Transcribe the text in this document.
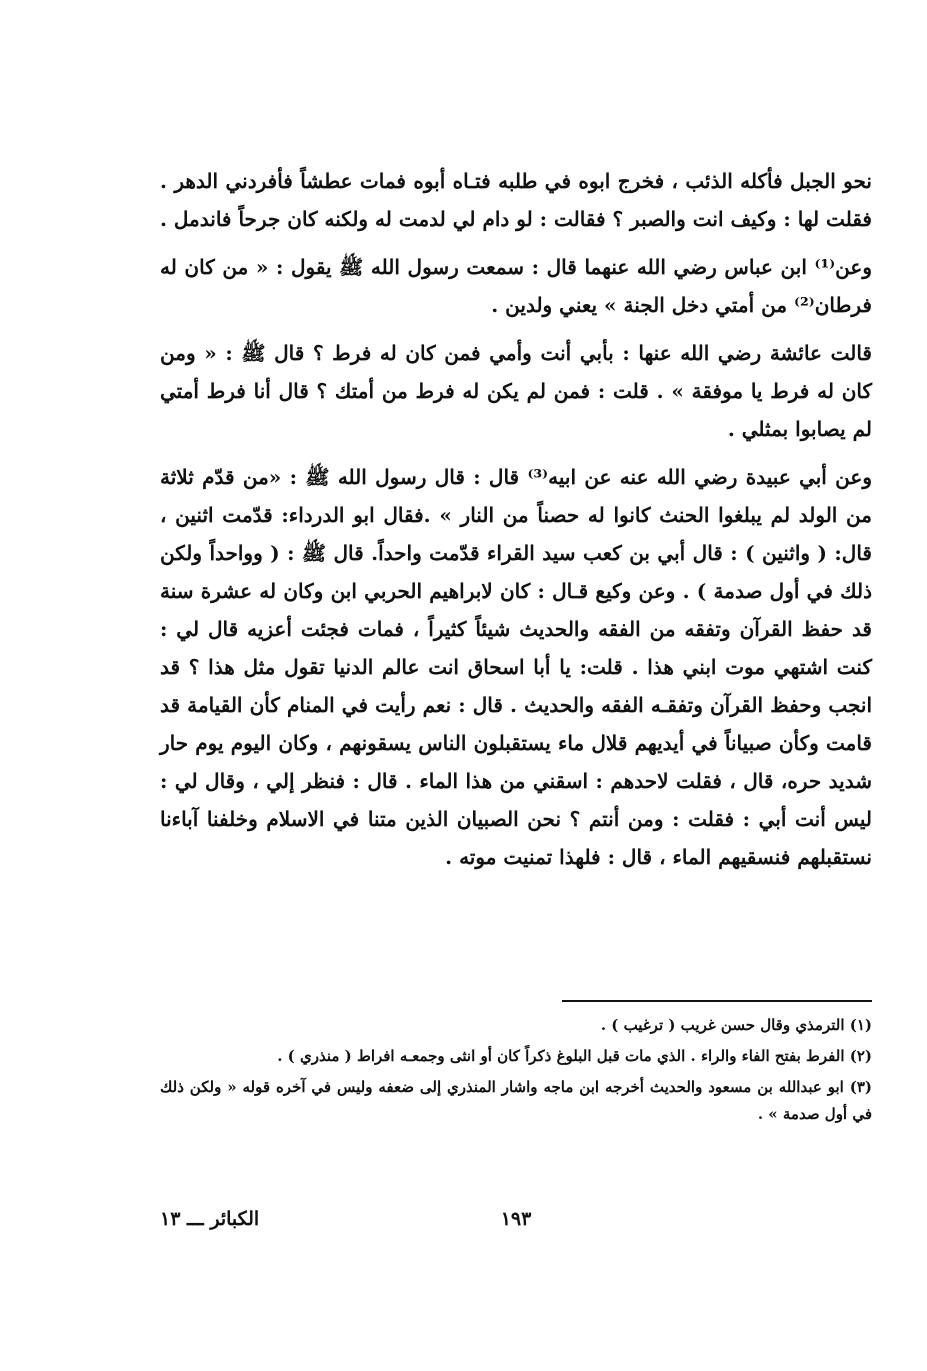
نحو الجبل فأكله الذئب ، فخرج ابوه في طلبه فتـاه أبوه فمات عطشاً فأفردني الدهر . فقلت لها : وكيف انت والصبر ؟ فقالت : لو دام لي لدمت له ولكنه كان جرحاً فاندمل .

وعن⁽¹⁾ ابن عباس رضي الله عنهما قال : سمعت رسول الله ﷺ يقول : « من كان له فرطان⁽²⁾ من أمتي دخل الجنة » يعني ولدين .

قالت عائشة رضي الله عنها : بأبي أنت وأمي فمن كان له فرط ؟ قال ﷺ : « ومن كان له فرط يا موفقة » . قلت : فمن لم يكن له فرط من أمتك ؟ قال أنا فرط أمتي لم يصابوا بمثلي .

وعن أبي عبيدة رضي الله عنه عن ابيه⁽³⁾ قال : قال رسول الله ﷺ : «من قدّم ثلاثة من الولد لم يبلغوا الحنث كانوا له حصناً من النار » .فقال ابو الدرداء: قدّمت اثنين ، قال: ( واثنين ) : قال أبي بن كعب سيد القراء قدّمت واحداً. قال ﷺ : ( وواحداً ولكن ذلك في أول صدمة ) . وعن وكيع قـال : كان لابراهيم الحربي ابن وكان له عشرة سنة قد حفظ القرآن وتفقه من الفقه والحديث شيئاً كثيراً ، فمات فجئت أعزيه قال لي : كنت اشتهي موت ابني هذا . قلت: يا أبا اسحاق انت عالم الدنيا تقول مثل هذا ؟ قد انجب وحفظ القرآن وتفقـه الفقه والحديث . قال : نعم رأيت في المنام كأن القيامة قد قامت وكأن صبياناً في أيديهم قلال ماء يستقبلون الناس يسقونهم ، وكان اليوم يوم حار شديد حره، قال ، فقلت لاحدهم : اسقني من هذا الماء . قال : فنظر إلي ، وقال لي : ليس أنت أبي : فقلت : ومن أنتم ؟ نحن الصبيان الذين متنا في الاسلام وخلفنا آباءنا نستقبلهم فنسقيهم الماء ، قال : فلهذا تمنيت موته .

(١) الترمذي وقال حسن غريب ( ترغيب ) .

(٢) الفرط بفتح الفاء والراء . الذي مات قبل البلوغ ذكراً كان أو انثى وجمعـه افراط ( منذري ) .

(٣) ابو عبدالله بن مسعود والحديث أخرجه ابن ماجه واشار المنذري إلى ضعفه وليس في آخره قوله « ولكن ذلك في أول صدمة » .

١٩٣
الكبائر ـــ ١٣
